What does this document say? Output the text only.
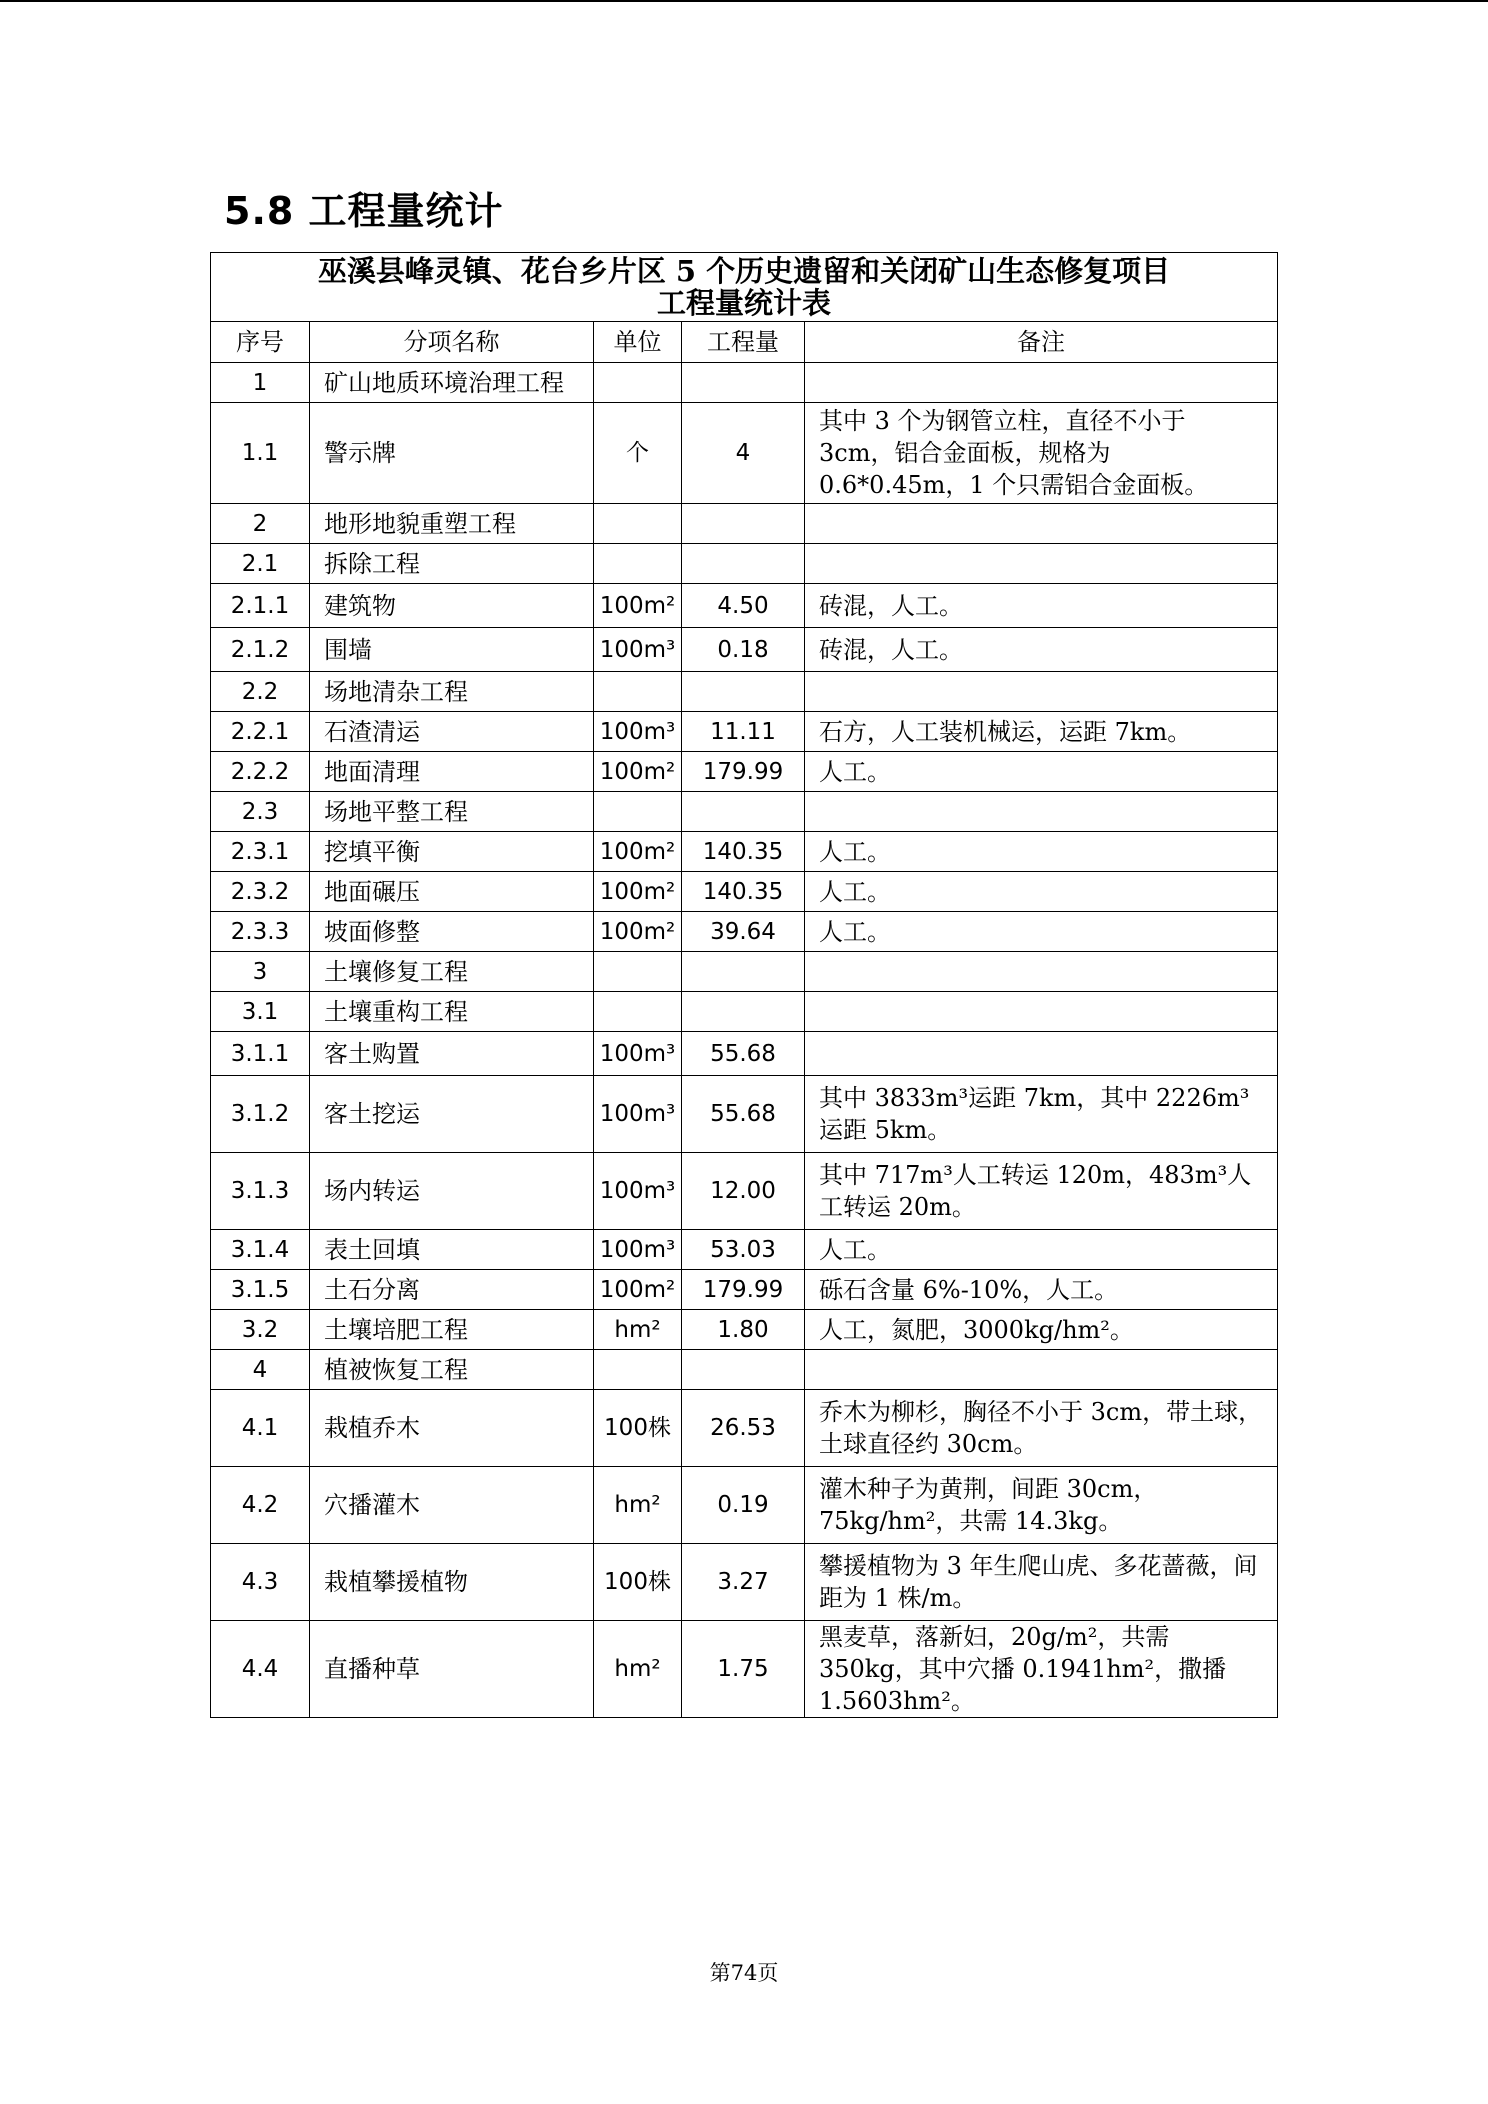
5.8 工程量统计
巫溪县峰灵镇、花台乡片区 5 个历史遗留和关闭矿山生态修复项目
工程量统计表				

序号	分项名称	单位	工程量	备注
1	矿山地质环境治理工程			
1.1	警示牌	个	4	其中 3 个为钢管立柱，直径不小于 3cm，铝合金面板，规格为 0.6*0.45m，1 个只需铝合金面板。
2	地形地貌重塑工程			
2.1	拆除工程			
2.1.1	建筑物	100m²	4.50	砖混，人工。
2.1.2	围墙	100m³	0.18	砖混，人工。
2.2	场地清杂工程			
2.2.1	石渣清运	100m³	11.11	石方，人工装机械运，运距 7km。
2.2.2	地面清理	100m²	179.99	人工。
2.3	场地平整工程			
2.3.1	挖填平衡	100m²	140.35	人工。
2.3.2	地面碾压	100m²	140.35	人工。
2.3.3	坡面修整	100m²	39.64	人工。
3	土壤修复工程			
3.1	土壤重构工程			
3.1.1	客土购置	100m³	55.68	
3.1.2	客土挖运	100m³	55.68	其中 3833m³运距 7km，其中 2226m³运距 5km。
3.1.3	场内转运	100m³	12.00	其中 717m³人工转运 120m，483m³人工转运 20m。
3.1.4	表土回填	100m³	53.03	人工。
3.1.5	土石分离	100m²	179.99	砾石含量 6%-10%，人工。
3.2	土壤培肥工程	hm²	1.80	人工，氮肥，3000kg/hm²。
4	植被恢复工程			
4.1	栽植乔木	100株	26.53	乔木为柳杉，胸径不小于 3cm，带土球，土球直径约 30cm。
4.2	穴播灌木	hm²	0.19	灌木种子为黄荆，间距 30cm，75kg/hm²，共需 14.3kg。
4.3	栽植攀援植物	100株	3.27	攀援植物为 3 年生爬山虎、多花蔷薇，间距为 1 株/m。
4.4	直播种草	hm²	1.75	黑麦草，落新妇，20g/m²，共需 350kg，其中穴播 0.1941hm²，撒播 1.5603hm²。
第74页
